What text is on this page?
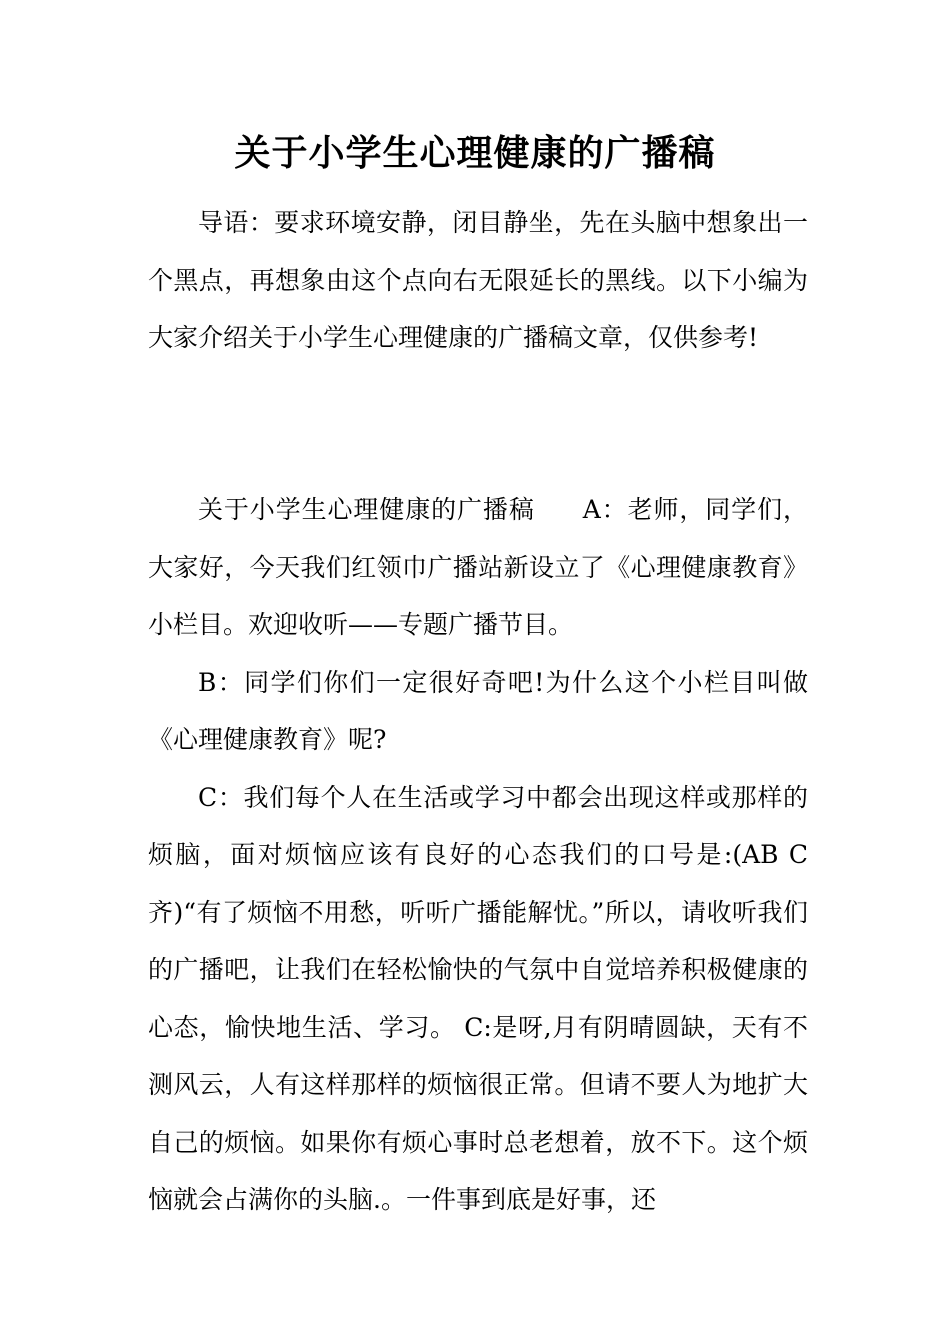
关于小学生心理健康的广播稿

导语：要求环境安静，闭目静坐，先在头脑中想象出一个黑点，再想象由这个点向右无限延长的黑线。以下小编为大家介绍关于小学生心理健康的广播稿文章，仅供参考!

关于小学生心理健康的广播稿 A：老师，同学们，大家好，今天我们红领巾广播站新设立了《心理健康教育》小栏目。欢迎收听——专题广播节目。

B：同学们你们一定很好奇吧!为什么这个小栏目叫做《心理健康教育》呢?

C：我们每个人在生活或学习中都会出现这样或那样的烦脑，面对烦恼应该有良好的心态我们的口号是:(AB C齐)“有了烦恼不用愁，听听广播能解忧。”所以，请收听我们的广播吧，让我们在轻松愉快的气氛中自觉培养积极健康的心态，愉快地生活、学习。 C:是呀,月有阴晴圆缺，天有不测风云，人有这样那样的烦恼很正常。但请不要人为地扩大自己的烦恼。如果你有烦心事时总老想着，放不下。这个烦恼就会占满你的头脑.。一件事到底是好事，还
